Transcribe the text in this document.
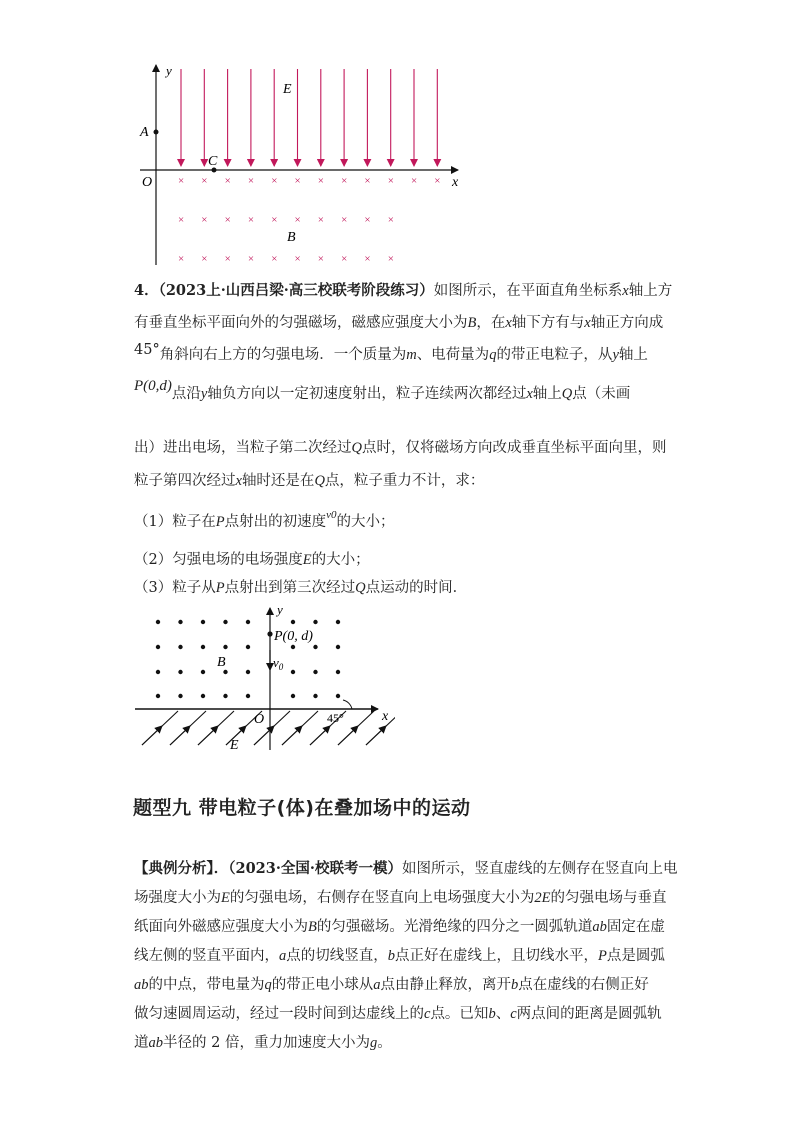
× × × × × × × × × × × ×
× × × × × × × × × ×
× × × × × × × × × ×
y
E
A
C
O	x
B
4．（2023上·山西吕梁·高三校联考阶段练习）如图所示，在平面直角坐标系x轴上方
有垂直坐标平面向外的匀强磁场，磁感应强度大小为B，在x轴下方有与x轴正方向成
45°角斜向右上方的匀强电场．一个质量为m、电荷量为q的带正电粒子，从y轴上
P(0,d)点沿y轴负方向以一定初速度射出，粒子连续两次都经过x轴上Q点（未画
出）进出电场，当粒子第二次经过Q点时，仅将磁场方向改成垂直坐标平面向里，则
粒子第四次经过x轴时还是在Q点，粒子重力不计，求：
（1）粒子在P点射出的初速度$^{v0}$的大小；
（2）匀强电场的电场强度E的大小；
（3）粒子从P点射出到第三次经过Q点运动的时间．
y
P(0, d)
B	$v_0$
O	45°
E
x
题型九 带电粒子(体)在叠加场中的运动
【典例分析】．（2023·全国·校联考一模）如图所示，竖直虚线的左侧存在竖直向上电
场强度大小为E的匀强电场，右侧存在竖直向上电场强度大小为2E的匀强电场与垂直
纸面向外磁感应强度大小为B的匀强磁场。光滑绝缘的四分之一圆弧轨道ab固定在虚
线左侧的竖直平面内，a点的切线竖直，b点正好在虚线上，且切线水平，P点是圆弧
ab的中点，带电量为q的带正电小球从a点由静止释放，离开b点在虚线的右侧正好
做匀速圆周运动，经过一段时间到达虚线上的c点。已知b、c两点间的距离是圆弧轨
道ab半径的 2 倍，重力加速度大小为g。
